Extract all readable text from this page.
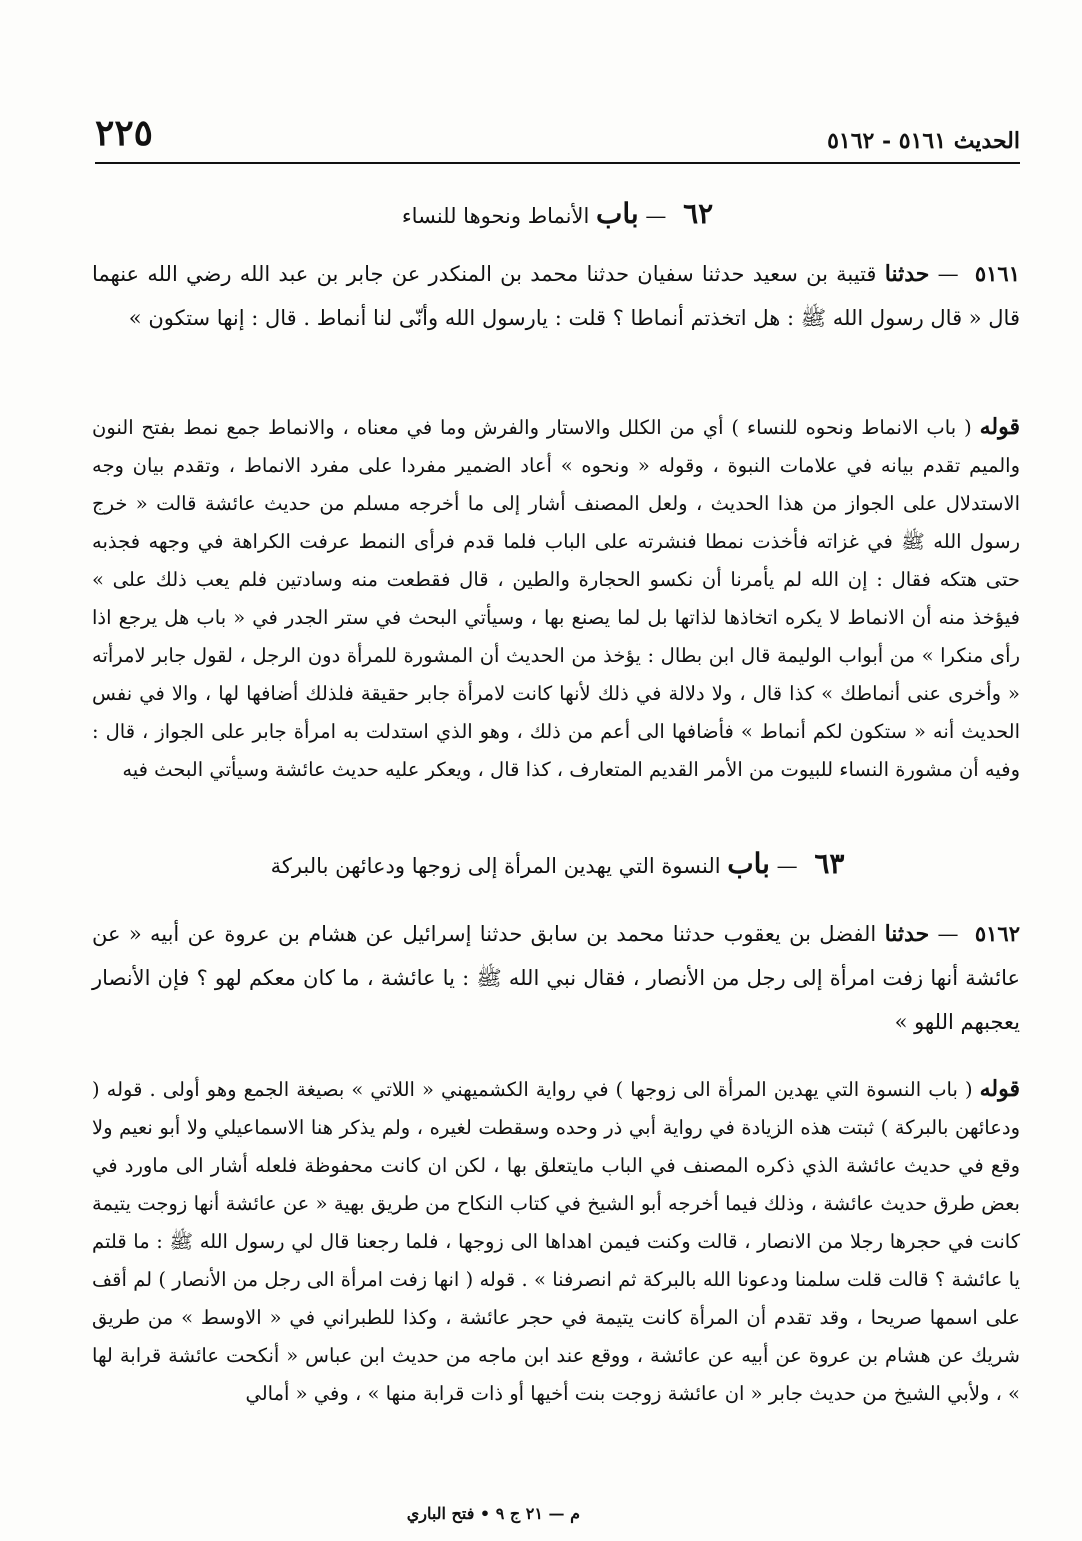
٢٢٥	الحديث ٥١٦١ - ٥١٦٢
٦٢ — باب الأنماط ونحوها للنساء

٥١٦١ — حدثنا قتيبة بن سعيد حدثنا سفيان حدثنا محمد بن المنكدر عن جابر بن عبد الله رضي الله عنهما قال « قال رسول الله ﷺ : هل اتخذتم أنماطا ؟ قلت : يارسول الله وأنّى لنا أنماط . قال : إنها ستكون »

قوله ( باب الانماط ونحوه للنساء ) أي من الكلل والاستار والفرش وما في معناه ، والانماط جمع نمط بفتح النون والميم تقدم بيانه في علامات النبوة ، وقوله « ونحوه » أعاد الضمير مفردا على مفرد الانماط ، وتقدم بيان وجه الاستدلال على الجواز من هذا الحديث ، ولعل المصنف أشار إلى ما أخرجه مسلم من حديث عائشة قالت « خرج رسول الله ﷺ في غزاته فأخذت نمطا فنشرته على الباب فلما قدم فرأى النمط عرفت الكراهة في وجهه فجذبه حتى هتكه فقال : إن الله لم يأمرنا أن نكسو الحجارة والطين ، قال فقطعت منه وسادتين فلم يعب ذلك على » فيؤخذ منه أن الانماط لا يكره اتخاذها لذاتها بل لما يصنع بها ، وسيأتي البحث في ستر الجدر في « باب هل يرجع اذا رأى منكرا » من أبواب الوليمة قال ابن بطال : يؤخذ من الحديث أن المشورة للمرأة دون الرجل ، لقول جابر لامرأته « وأخرى عنى أنماطك » كذا قال ، ولا دلالة في ذلك لأنها كانت لامرأة جابر حقيقة فلذلك أضافها لها ، والا في نفس الحديث أنه « ستكون لكم أنماط » فأضافها الى أعم من ذلك ، وهو الذي استدلت به امرأة جابر على الجواز ، قال : وفيه أن مشورة النساء للبيوت من الأمر القديم المتعارف ، كذا قال ، ويعكر عليه حديث عائشة وسيأتي البحث فيه

٦٣ — باب النسوة التي يهدين المرأة إلى زوجها ودعائهن بالبركة

٥١٦٢ — حدثنا الفضل بن يعقوب حدثنا محمد بن سابق حدثنا إسرائيل عن هشام بن عروة عن أبيه « عن عائشة أنها زفت امرأة إلى رجل من الأنصار ، فقال نبي الله ﷺ : يا عائشة ، ما كان معكم لهو ؟ فإن الأنصار يعجبهم اللهو »

قوله ( باب النسوة التي يهدين المرأة الى زوجها ) في رواية الكشميهني « اللاتي » بصيغة الجمع وهو أولى . قوله ( ودعائهن بالبركة ) ثبتت هذه الزيادة في رواية أبي ذر وحده وسقطت لغيره ، ولم يذكر هنا الاسماعيلي ولا أبو نعيم ولا وقع في حديث عائشة الذي ذكره المصنف في الباب مايتعلق بها ، لكن ان كانت محفوظة فلعله أشار الى ماورد في بعض طرق حديث عائشة ، وذلك فيما أخرجه أبو الشيخ في كتاب النكاح من طريق بهية « عن عائشة أنها زوجت يتيمة كانت في حجرها رجلا من الانصار ، قالت وكنت فيمن اهداها الى زوجها ، فلما رجعنا قال لي رسول الله ﷺ : ما قلتم يا عائشة ؟ قالت قلت سلمنا ودعونا الله بالبركة ثم انصرفنا » . قوله ( انها زفت امرأة الى رجل من الأنصار ) لم أقف على اسمها صريحا ، وقد تقدم أن المرأة كانت يتيمة في حجر عائشة ، وكذا للطبراني في « الاوسط » من طريق شريك عن هشام بن عروة عن أبيه عن عائشة ، ووقع عند ابن ماجه من حديث ابن عباس « أنكحت عائشة قرابة لها » ، ولأبي الشيخ من حديث جابر « ان عائشة زوجت بنت أخيها أو ذات قرابة منها » ، وفي « أمالي

م — ٢١ ج ٩ • فتح الباري
